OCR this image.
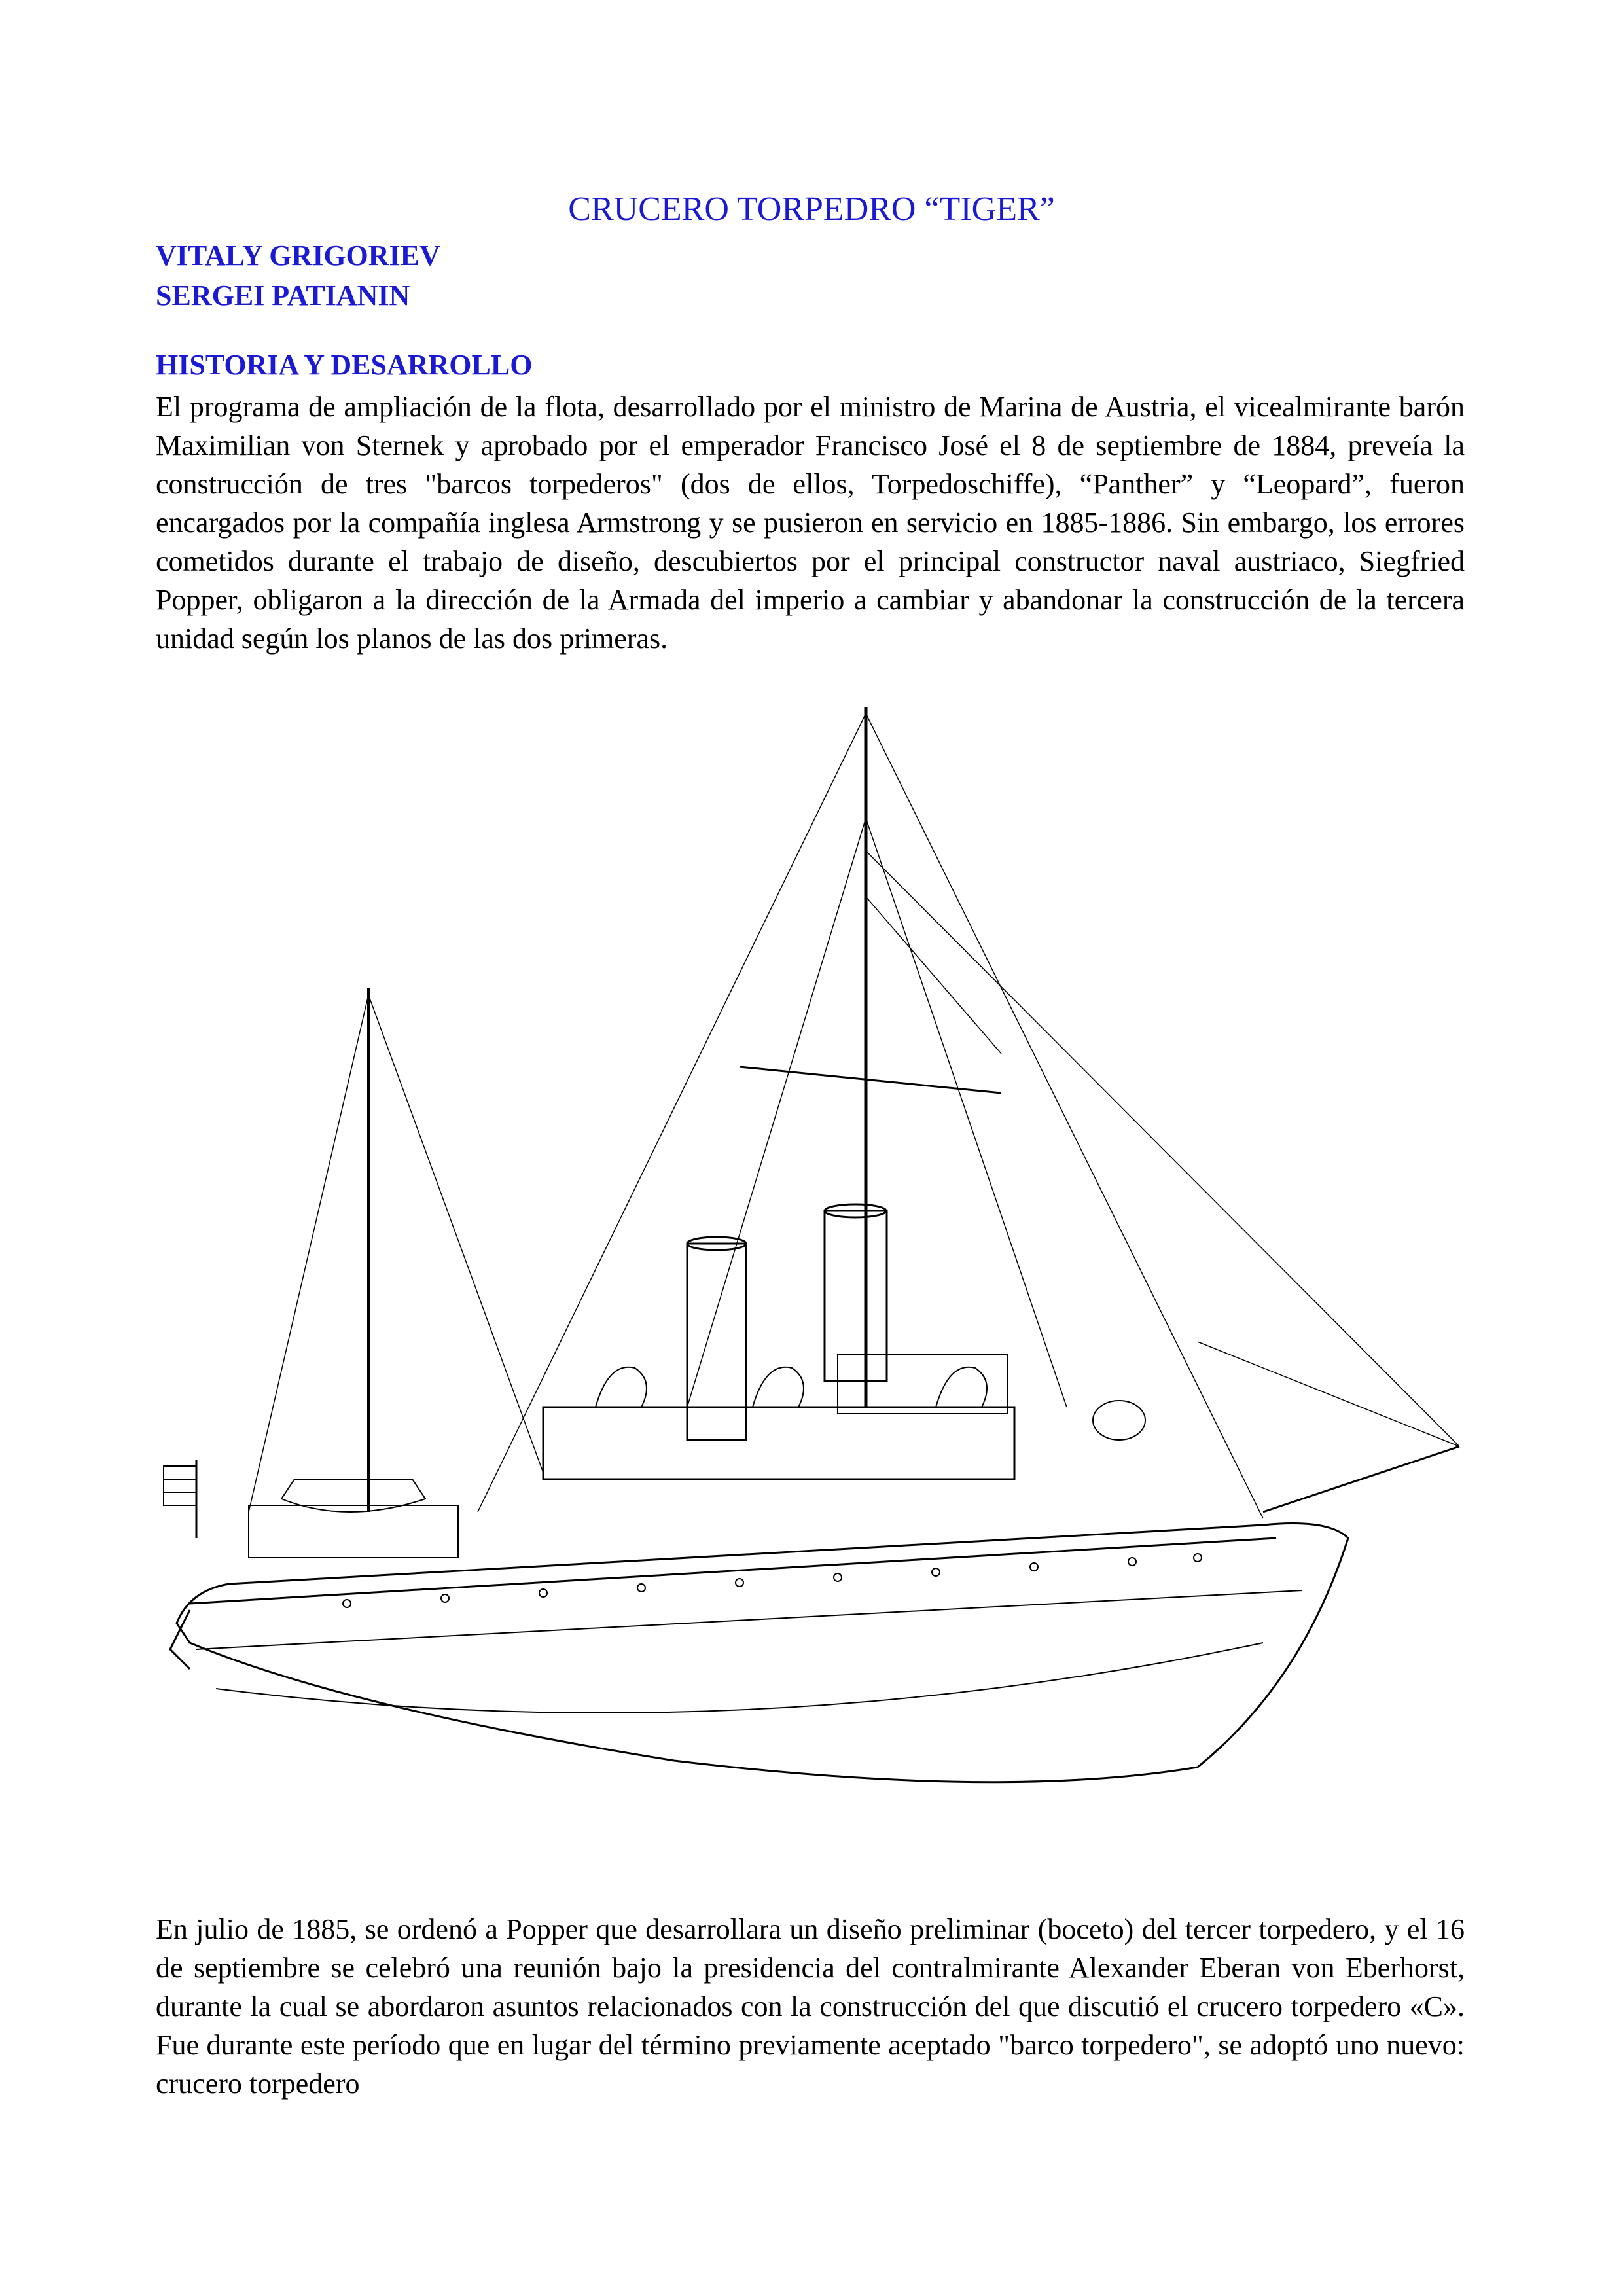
CRUCERO TORPEDRO “TIGER”

VITALY GRIGORIEV

SERGEI PATIANIN

HISTORIA Y DESARROLLO

El programa de ampliación de la flota, desarrollado por el ministro de Marina de Austria, el vicealmirante barón Maximilian von Sternek y aprobado por el emperador Francisco José el 8 de septiembre de 1884, preveía la construcción de tres "barcos torpederos" (dos de ellos, Torpedoschiffe), “Panther” y “Leopard”, fueron encargados por la compañía inglesa Armstrong y se pusieron en servicio en 1885-1886. Sin embargo, los errores cometidos durante el trabajo de diseño, descubiertos por el principal constructor naval austriaco, Siegfried Popper, obligaron a la dirección de la Armada del imperio a cambiar y abandonar la construcción de la tercera unidad según los planos de las dos primeras.

En julio de 1885, se ordenó a Popper que desarrollara un diseño preliminar (boceto) del tercer torpedero, y el 16 de septiembre se celebró una reunión bajo la presidencia del contralmirante Alexander Eberan von Eberhorst, durante la cual se abordaron asuntos relacionados con la construcción del que discutió el crucero torpedero «C». Fue durante este período que en lugar del término previamente aceptado "barco torpedero", se adoptó uno nuevo: crucero torpedero
